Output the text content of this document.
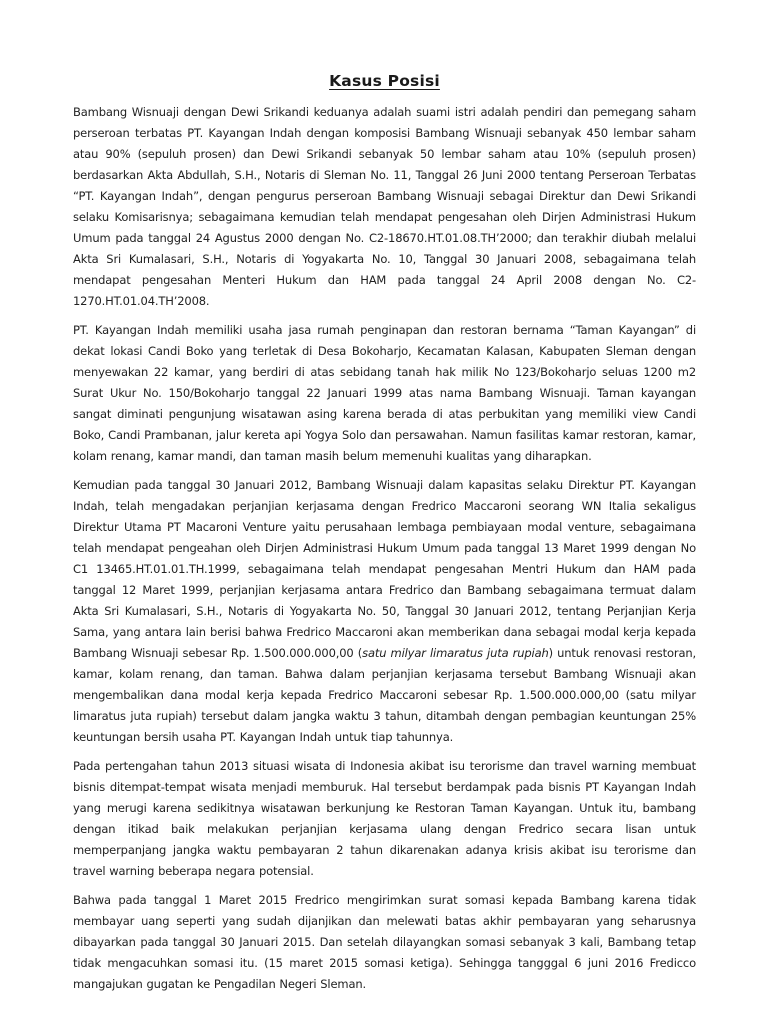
Kasus Posisi

Bambang Wisnuaji dengan Dewi Srikandi keduanya adalah suami istri adalah pendiri dan pemegang saham perseroan terbatas PT. Kayangan Indah dengan komposisi Bambang Wisnuaji sebanyak 450 lembar saham atau 90% (sepuluh prosen) dan Dewi Srikandi sebanyak 50 lembar saham atau 10% (sepuluh prosen) berdasarkan Akta Abdullah, S.H., Notaris di Sleman No. 11, Tanggal 26 Juni 2000 tentang Perseroan Terbatas “PT. Kayangan Indah”, dengan pengurus perseroan Bambang Wisnuaji sebagai Direktur dan Dewi Srikandi selaku Komisarisnya; sebagaimana kemudian telah mendapat pengesahan oleh Dirjen Administrasi Hukum Umum pada tanggal 24 Agustus 2000 dengan No. C2-18670.HT.01.08.TH’2000; dan terakhir diubah melalui Akta Sri Kumalasari, S.H., Notaris di Yogyakarta No. 10, Tanggal 30 Januari 2008, sebagaimana telah mendapat pengesahan Menteri Hukum dan HAM pada tanggal 24 April 2008 dengan No. C2-1270.HT.01.04.TH’2008.

PT. Kayangan Indah memiliki usaha jasa rumah penginapan dan restoran bernama “Taman Kayangan” di dekat lokasi Candi Boko yang terletak di Desa Bokoharjo, Kecamatan Kalasan, Kabupaten Sleman dengan menyewakan 22 kamar, yang berdiri di atas sebidang tanah hak milik No 123/Bokoharjo seluas 1200 m2 Surat Ukur No. 150/Bokoharjo tanggal 22 Januari 1999 atas nama Bambang Wisnuaji. Taman kayangan sangat diminati pengunjung wisatawan asing karena berada di atas perbukitan yang memiliki view Candi Boko, Candi Prambanan, jalur kereta api Yogya Solo dan persawahan. Namun fasilitas kamar restoran, kamar, kolam renang, kamar mandi, dan taman masih belum memenuhi kualitas yang diharapkan.

Kemudian pada tanggal 30 Januari 2012, Bambang Wisnuaji dalam kapasitas selaku Direktur PT. Kayangan Indah, telah mengadakan perjanjian kerjasama dengan Fredrico Maccaroni seorang WN Italia sekaligus Direktur Utama PT Macaroni Venture yaitu perusahaan lembaga pembiayaan modal venture, sebagaimana telah mendapat pengeahan oleh Dirjen Administrasi Hukum Umum pada tanggal 13 Maret 1999 dengan No C1 13465.HT.01.01.TH.1999, sebagaimana telah mendapat pengesahan Mentri Hukum dan HAM pada tanggal 12 Maret 1999, perjanjian kerjasama antara Fredrico dan Bambang sebagaimana termuat dalam Akta Sri Kumalasari, S.H., Notaris di Yogyakarta No. 50, Tanggal 30 Januari 2012, tentang Perjanjian Kerja Sama, yang antara lain berisi bahwa Fredrico Maccaroni akan memberikan dana sebagai modal kerja kepada Bambang Wisnuaji sebesar Rp. 1.500.000.000,00 (satu milyar limaratus juta rupiah) untuk renovasi restoran, kamar, kolam renang, dan taman. Bahwa dalam perjanjian kerjasama tersebut Bambang Wisnuaji akan mengembalikan dana modal kerja kepada Fredrico Maccaroni sebesar Rp. 1.500.000.000,00 (satu milyar limaratus juta rupiah) tersebut dalam jangka waktu 3 tahun, ditambah dengan pembagian keuntungan 25% keuntungan bersih usaha PT. Kayangan Indah untuk tiap tahunnya.

Pada pertengahan tahun 2013 situasi wisata di Indonesia akibat isu terorisme dan travel warning membuat bisnis ditempat-tempat wisata menjadi memburuk. Hal tersebut berdampak pada bisnis PT Kayangan Indah yang merugi karena sedikitnya wisatawan berkunjung ke Restoran Taman Kayangan. Untuk itu, bambang dengan itikad baik melakukan perjanjian kerjasama ulang dengan Fredrico secara lisan untuk memperpanjang jangka waktu pembayaran 2 tahun dikarenakan adanya krisis akibat isu terorisme dan travel warning beberapa negara potensial.

Bahwa pada tanggal 1 Maret 2015 Fredrico mengirimkan surat somasi kepada Bambang karena tidak membayar uang seperti yang sudah dijanjikan dan melewati batas akhir pembayaran yang seharusnya dibayarkan pada tanggal 30 Januari 2015. Dan setelah dilayangkan somasi sebanyak 3 kali, Bambang tetap tidak mengacuhkan somasi itu. (15 maret 2015 somasi ketiga). Sehingga tangggal 6 juni 2016 Fredicco mangajukan gugatan ke Pengadilan Negeri Sleman.
